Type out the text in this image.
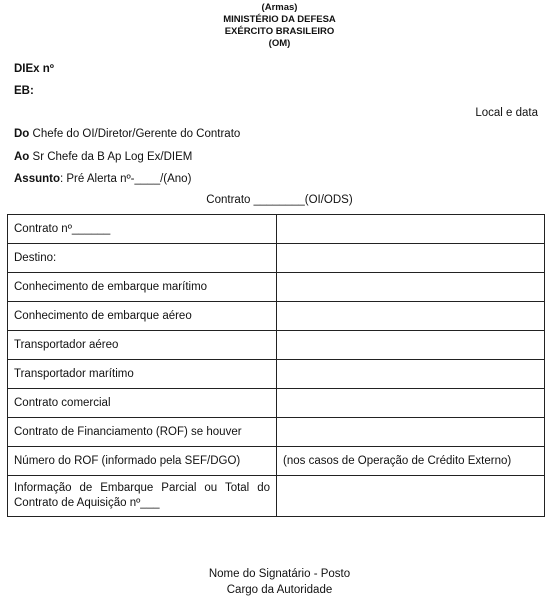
(Armas)
MINISTÉRIO DA DEFESA
EXÉRCITO BRASILEIRO
(OM)
DIEx nº
EB:
Local e data
Do Chefe do OI/Diretor/Gerente do Contrato
Ao Sr Chefe da B Ap Log Ex/DIEM
Assunto: Pré Alerta nº-____/(Ano)
Contrato ________(OI/ODS)
Contrato nº______	
Destino:	
Conhecimento de embarque marítimo	
Conhecimento de embarque aéreo	
Transportador aéreo	
Transportador marítimo	
Contrato comercial	
Contrato de Financiamento (ROF) se houver	
Número do ROF (informado pela SEF/DGO)	(nos casos de Operação de Crédito Externo)
Informação de Embarque Parcial ou Total do Contrato de Aquisição nº___	
Nome do Signatário - Posto
Cargo da Autoridade
